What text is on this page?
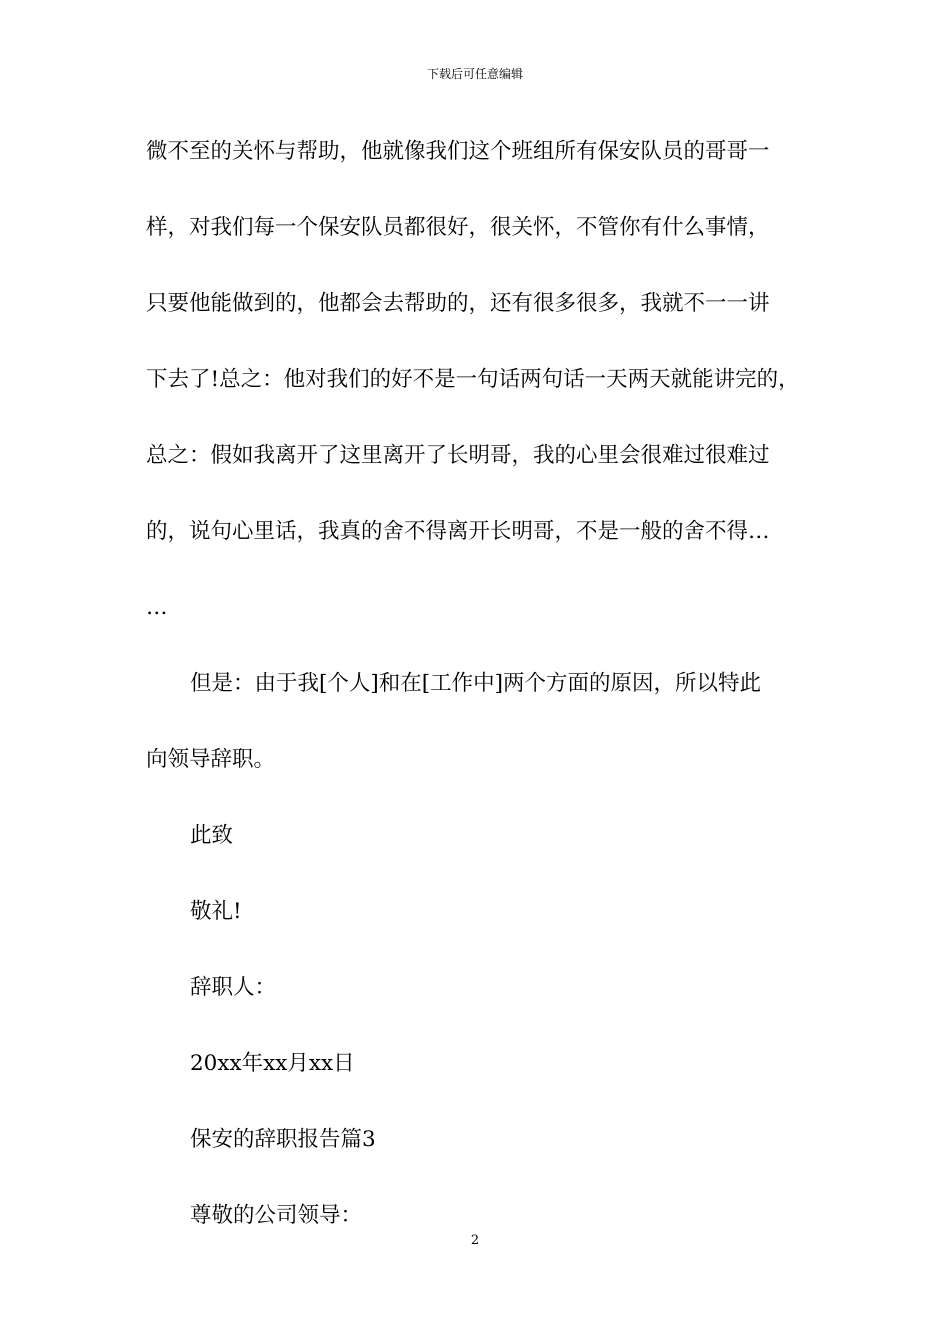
下载后可任意编辑
微不至的关怀与帮助，他就像我们这个班组所有保安队员的哥哥一
样，对我们每一个保安队员都很好，很关怀，不管你有什么事情，
只要他能做到的，他都会去帮助的，还有很多很多，我就不一一讲
下去了!总之：他对我们的好不是一句话两句话一天两天就能讲完的，
总之：假如我离开了这里离开了长明哥，我的心里会很难过很难过
的，说句心里话，我真的舍不得离开长明哥，不是一般的舍不得…
…
但是：由于我[个人]和在[工作中]两个方面的原因，所以特此
向领导辞职。
此致
敬礼!
辞职人：
20xx年xx月xx日
保安的辞职报告篇3
尊敬的公司领导：
2
